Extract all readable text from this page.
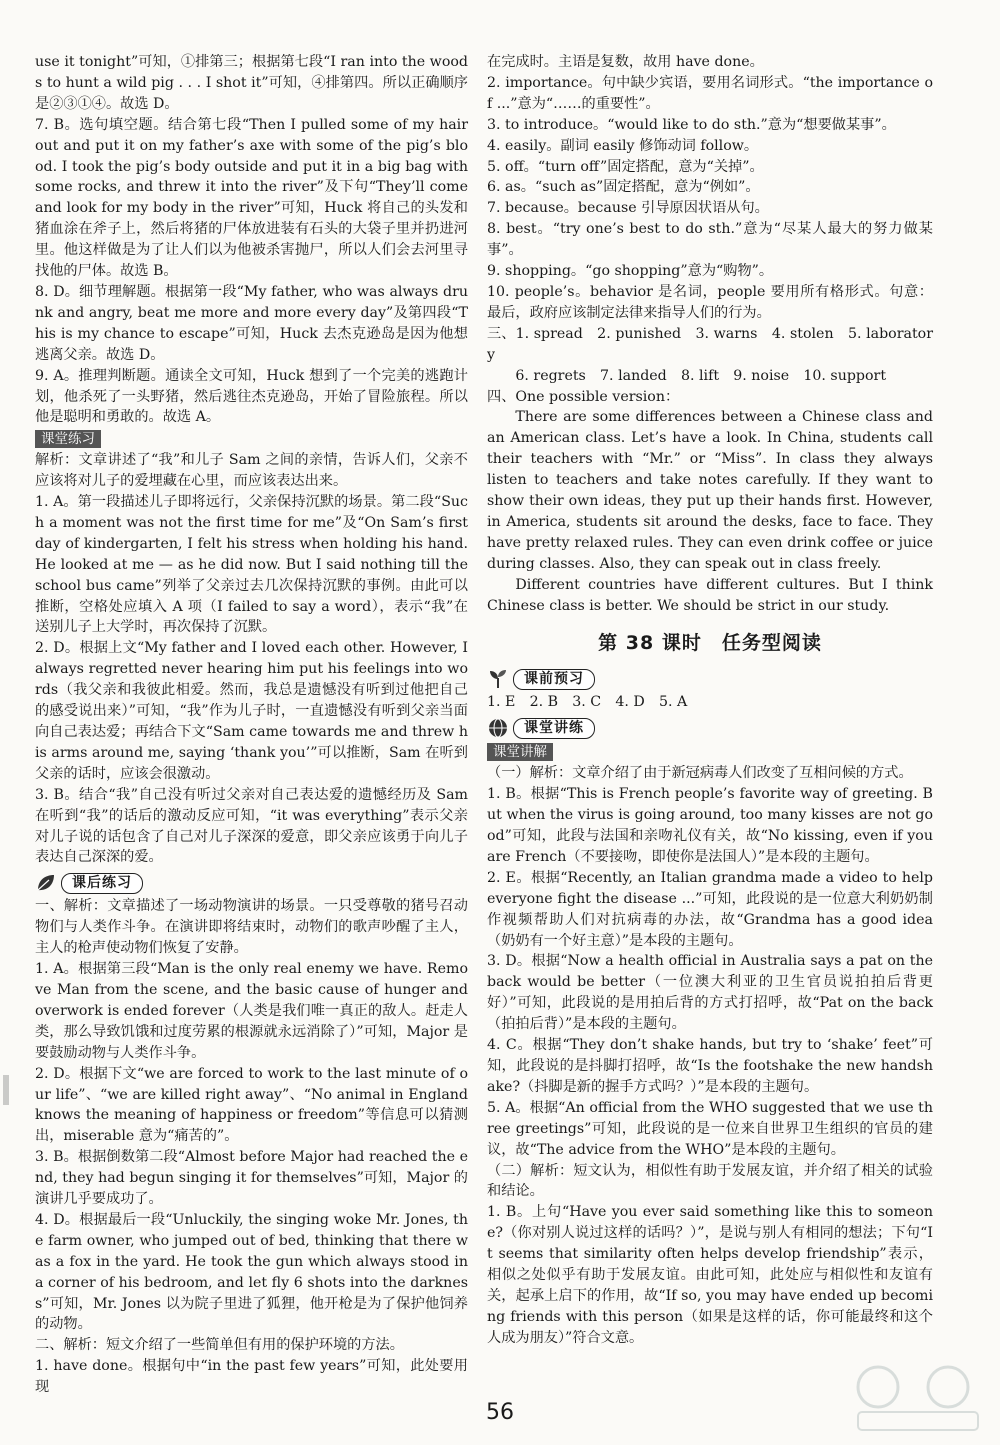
use it tonight”可知，①排第三；根据第七段“I ran into the woods to hunt a wild pig . . . I shot it”可知，④排第四。所以正确顺序是②③①④。故选 D。

7. B。选句填空题。结合第七段“Then I pulled some of my hair out and put it on my father’s axe with some of the pig’s blood. I took the pig’s body outside and put it in a big bag with some rocks, and threw it into the river”及下句“They’ll come and look for my body in the river”可知，Huck 将自己的头发和猪血涂在斧子上，然后将猪的尸体放进装有石头的大袋子里并扔进河里。他这样做是为了让人们以为他被杀害抛尸，所以人们会去河里寻找他的尸体。故选 B。

8. D。细节理解题。根据第一段“My father, who was always drunk and angry, beat me more and more every day”及第四段“This is my chance to escape”可知，Huck 去杰克逊岛是因为他想逃离父亲。故选 D。

9. A。推理判断题。通读全文可知，Huck 想到了一个完美的逃跑计划，他杀死了一头野猪，然后逃往杰克逊岛，开始了冒险旅程。所以他是聪明和勇敢的。故选 A。

课堂练习

解析：文章讲述了“我”和儿子 Sam 之间的亲情，告诉人们，父亲不应该将对儿子的爱埋藏在心里，而应该表达出来。

1. A。第一段描述儿子即将远行，父亲保持沉默的场景。第二段“Such a moment was not the first time for me”及“On Sam’s first day of kindergarten, I felt his stress when holding his hand. He looked at me — as he did now. But I said nothing till the school bus came”列举了父亲过去几次保持沉默的事例。由此可以推断，空格处应填入 A 项（I failed to say a word），表示“我”在送别儿子上大学时，再次保持了沉默。

2. D。根据上文“My father and I loved each other. However, I always regretted never hearing him put his feelings into words（我父亲和我彼此相爱。然而，我总是遗憾没有听到过他把自己的感受说出来）”可知，“我”作为儿子时，一直遗憾没有听到父亲当面向自己表达爱；再结合下文“Sam came towards me and threw his arms around me, saying ‘thank you’”可以推断，Sam 在听到父亲的话时，应该会很激动。

3. B。结合“我”自己没有听过父亲对自己表达爱的遗憾经历及 Sam 在听到“我”的话后的激动反应可知，“it was everything”表示父亲对儿子说的话包含了自己对儿子深深的爱意，即父亲应该勇于向儿子表达自己深深的爱。

课后练习

一、解析：文章描述了一场动物演讲的场景。一只受尊敬的猪号召动物们与人类作斗争。在演讲即将结束时，动物们的歌声吵醒了主人，主人的枪声使动物们恢复了安静。

1. A。根据第三段“Man is the only real enemy we have. Remove Man from the scene, and the basic cause of hunger and overwork is ended forever（人类是我们唯一真正的敌人。赶走人类，那么导致饥饿和过度劳累的根源就永远消除了）”可知，Major 是要鼓励动物与人类作斗争。

2. D。根据下文“we are forced to work to the last minute of our life”、“we are killed right away”、“No animal in England knows the meaning of happiness or freedom”等信息可以猜测出，miserable 意为“痛苦的”。

3. B。根据倒数第二段“Almost before Major had reached the end, they had begun singing it for themselves”可知，Major 的演讲几乎要成功了。

4. D。根据最后一段“Unluckily, the singing woke Mr. Jones, the farm owner, who jumped out of bed, thinking that there was a fox in the yard. He took the gun which always stood in a corner of his bedroom, and let fly 6 shots into the darkness”可知，Mr. Jones 以为院子里进了狐狸，他开枪是为了保护他饲养的动物。

二、解析：短文介绍了一些简单但有用的保护环境的方法。

1. have done。根据句中“in the past few years”可知，此处要用现

在完成时。主语是复数，故用 have done。

2. importance。句中缺少宾语，要用名词形式。“the importance of ...”意为“……的重要性”。

3. to introduce。“would like to do sth.”意为“想要做某事”。

4. easily。副词 easily 修饰动词 follow。

5. off。“turn off”固定搭配，意为“关掉”。

6. as。“such as”固定搭配，意为“例如”。

7. because。because 引导原因状语从句。

8. best。“try one’s best to do sth.”意为“尽某人最大的努力做某事”。

9. shopping。“go shopping”意为“购物”。

10. people’s。behavior 是名词，people 要用所有格形式。句意：最后，政府应该制定法律来指导人们的行为。

三、1. spread　2. punished　3. warns　4. stolen　5. laboratory

　　6. regrets　7. landed　8. lift　9. noise　10. support

四、One possible version：

There are some differences between a Chinese class and an American class. Let’s have a look. In China, students call their teachers with “Mr.” or “Miss”. In class they always listen to teachers and take notes carefully. If they want to show their own ideas, they put up their hands first. However, in America, students sit around the desks, face to face. They have pretty relaxed rules. They can even drink coffee or juice during classes. Also, they can speak out in class freely.

Different countries have different cultures. But I think Chinese class is better. We should be strict in our study.

第 38 课时　任务型阅读
课前预习

1. E　2. B　3. C　4. D　5. A

课堂讲练
课堂讲解

（一）解析：文章介绍了由于新冠病毒人们改变了互相问候的方式。

1. B。根据“This is French people’s favorite way of greeting. But when the virus is going around, too many kisses are not good”可知，此段与法国和亲吻礼仪有关，故“No kissing, even if you are French（不要接吻，即使你是法国人）”是本段的主题句。

2. E。根据“Recently, an Italian grandma made a video to help everyone fight the disease ...”可知，此段说的是一位意大利奶奶制作视频帮助人们对抗病毒的办法，故“Grandma has a good idea（奶奶有一个好主意）”是本段的主题句。

3. D。根据“Now a health official in Australia says a pat on the back would be better（一位澳大利亚的卫生官员说拍拍后背更好）”可知，此段说的是用拍后背的方式打招呼，故“Pat on the back（拍拍后背）”是本段的主题句。

4. C。根据“They don’t shake hands, but try to ‘shake’ feet”可知，此段说的是抖脚打招呼，故“Is the footshake the new handshake?（抖脚是新的握手方式吗？）”是本段的主题句。

5. A。根据“An official from the WHO suggested that we use three greetings”可知，此段说的是一位来自世界卫生组织的官员的建议，故“The advice from the WHO”是本段的主题句。

（二）解析：短文认为，相似性有助于发展友谊，并介绍了相关的试验和结论。

1. B。上句“Have you ever said something like this to someone?（你对别人说过这样的话吗？）”，是说与别人有相同的想法；下句“It seems that similarity often helps develop friendship”表示，相似之处似乎有助于发展友谊。由此可知，此处应与相似性和友谊有关，起承上启下的作用，故“If so, you may have ended up becoming friends with this person（如果是这样的话，你可能最终和这个人成为朋友）”符合文意。

56
